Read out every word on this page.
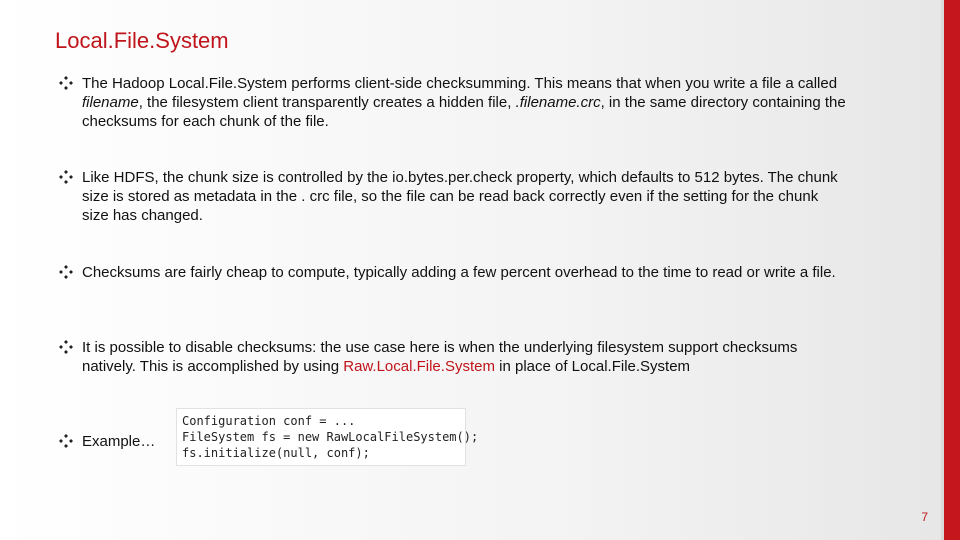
Local.File.System
The Hadoop Local.File.System performs client-side checksumming. This means that when you write a file a called filename, the filesystem client transparently creates a hidden file, .filename.crc, in the same directory containing the checksums for each chunk of the file.
Like HDFS, the chunk size is controlled by the io.bytes.per.check property, which defaults to 512 bytes. The chunk size is stored as metadata in the . crc file, so the file can be read back correctly even if the setting for the chunk size has changed.
Checksums are fairly cheap to compute, typically adding a few percent overhead to the time to read or write a file.
It is possible to disable checksums: the use case here is when the underlying filesystem support checksums natively. This is accomplished by using Raw.Local.File.System in place of Local.File.System
Example…
Configuration conf = ...
FileSystem fs = new RawLocalFileSystem();
fs.initialize(null, conf);
7
